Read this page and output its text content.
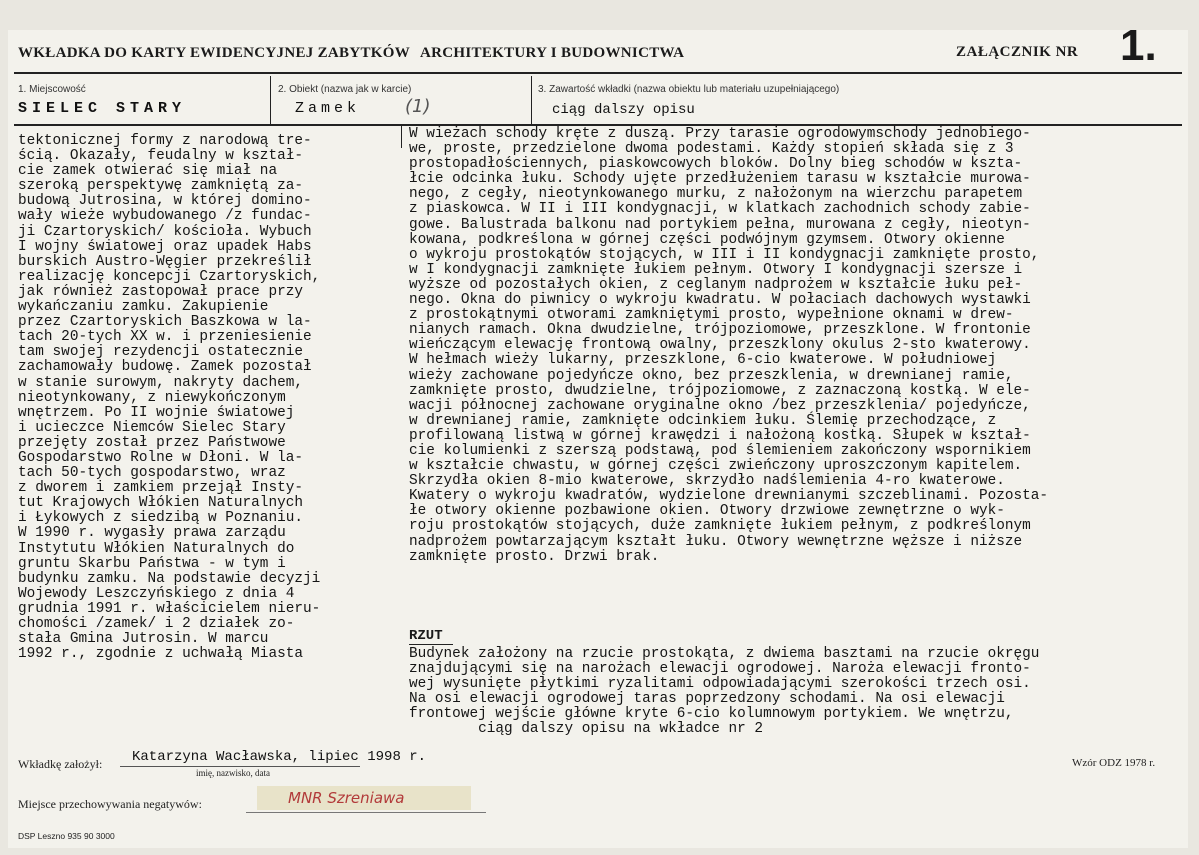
WKŁADKA DO KARTY EWIDENCYJNEJ ZABYTKÓW ARCHITEKTURY I BUDOWNICTWA	ZAŁĄCZNIK NR 1.
1. Miejscowość
SIELEC STARY
2. Obiekt (nazwa jak w karcie)
Zamek (1)
3. Zawartość wkładki (nazwa obiektu lub materiału uzupełniającego)
ciąg dalszy opisu
tektonicznej formy z narodową tre-
ścią. Okazały, feudalny w kształ-
cie zamek otwierać się miał na
szeroką perspektywę zamkniętą za-
budową Jutrosina, w której domino-
wały wieże wybudowanego /z fundac-
ji Czartoryskich/ kościoła. Wybuch
I wojny światowej oraz upadek Habs
burskich Austro-Węgier przekreślił
realizację koncepcji Czartoryskich,
jak również zastopował prace przy
wykańczaniu zamku. Zakupienie
przez Czartoryskich Baszkowa w la-
tach 20-tych XX w. i przeniesienie
tam swojej rezydencji ostatecznie
zachamowały budowę. Zamek pozostał
w stanie surowym, nakryty dachem,
nieotynkowany, z niewykończonym
wnętrzem. Po II wojnie światowej
i ucieczce Niemców Sielec Stary
przejęty został przez Państwowe
Gospodarstwo Rolne w Dłoni. W la-
tach 50-tych gospodarstwo, wraz
z dworem i zamkiem przejął Insty-
tut Krajowych Włókien Naturalnych
i Łykowych z siedzibą w Poznaniu.
W 1990 r. wygasły prawa zarządu
Instytutu Włókien Naturalnych do
gruntu Skarbu Państwa - w tym i
budynku zamku. Na podstawie decyzji
Wojewody Leszczyńskiego z dnia 4
grudnia 1991 r. właścicielem nieru-
chomości /zamek/ i 2 działek zo-
stała Gmina Jutrosin. W marcu
1992 r., zgodnie z uchwałą Miasta
W wieżach schody kręte z duszą. Przy tarasie ogrodowymschody jednobiego-
we, proste, przedzielone dwoma podestami. Każdy stopień składa się z 3
prostopadłościennych, piaskowcowych bloków. Dolny bieg schodów w kszta-
łcie odcinka łuku. Schody ujęte przedłużeniem tarasu w kształcie murowa-
nego, z cegły, nieotynkowanego murku, z nałożonym na wierzchu parapetem
z piaskowca. W II i III kondygnacji, w klatkach zachodnich schody zabie-
gowe. Balustrada balkonu nad portykiem pełna, murowana z cegły, nieotyn-
kowana, podkreślona w górnej części podwójnym gzymsem. Otwory okienne
o wykroju prostokątów stojących, w III i II kondygnacji zamknięte prosto,
w I kondygnacji zamknięte łukiem pełnym. Otwory I kondygnacji szersze i
wyższe od pozostałych okien, z ceglanym nadprożem w kształcie łuku peł-
nego. Okna do piwnicy o wykroju kwadratu. W połaciach dachowych wystawki
z prostokątnymi otworami zamkniętymi prosto, wypełnione oknami w drew-
nianych ramach. Okna dwudzielne, trójpoziomowe, przeszklone. W frontonie
wieńczącym elewację frontową owalny, przeszklony okulus 2-sto kwaterowy.
W hełmach wieży lukarny, przeszklone, 6-cio kwaterowe. W południowej
wieży zachowane pojedyńcze okno, bez przeszklenia, w drewnianej ramie,
zamknięte prosto, dwudzielne, trójpoziomowe, z zaznaczoną kostką. W ele-
wacji północnej zachowane oryginalne okno /bez przeszklenia/ pojedyńcze,
w drewnianej ramie, zamknięte odcinkiem łuku. Ślemię przechodzące, z
profilowaną listwą w górnej krawędzi i nałożoną kostką. Słupek w kształ-
cie kolumienki z szerszą podstawą, pod ślemieniem zakończony wspornikiem
w kształcie chwastu, w górnej części zwieńczony uproszczonym kapitelem.
Skrzydła okien 8-mio kwaterowe, skrzydło nadślemienia 4-ro kwaterowe.
Kwatery o wykroju kwadratów, wydzielone drewnianymi szczeblinami. Pozosta-
łe otwory okienne pozbawione okien. Otwory drzwiowe zewnętrzne o wyk-
roju prostokątów stojących, duże zamknięte łukiem pełnym, z podkreślonym
nadprożem powtarzającym kształt łuku. Otwory wewnętrzne węższe i niższe
zamknięte prosto. Drzwi brak.
RZUT
Budynek założony na rzucie prostokąta, z dwiema basztami na rzucie okręgu
znajdującymi się na narożach elewacji ogrodowej. Naroża elewacji fronto-
wej wysunięte płytkimi ryzalitami odpowiadającymi szerokości trzech osi.
Na osi elewacji ogrodowej taras poprzedzony schodami. Na osi elewacji
frontowej wejście główne kryte 6-cio kolumnowym portykiem. We wnętrzu,
ciąg dalszy opisu na wkładce nr 2
Wkładkę założył: Katarzyna Wacławska, lipiec 1998 r.
imię, nazwisko, data
Wzór ODZ 1978 r.
Miejsce przechowywania negatywów:	MNR Szreniawa
DSP Leszno 935 90 3000
